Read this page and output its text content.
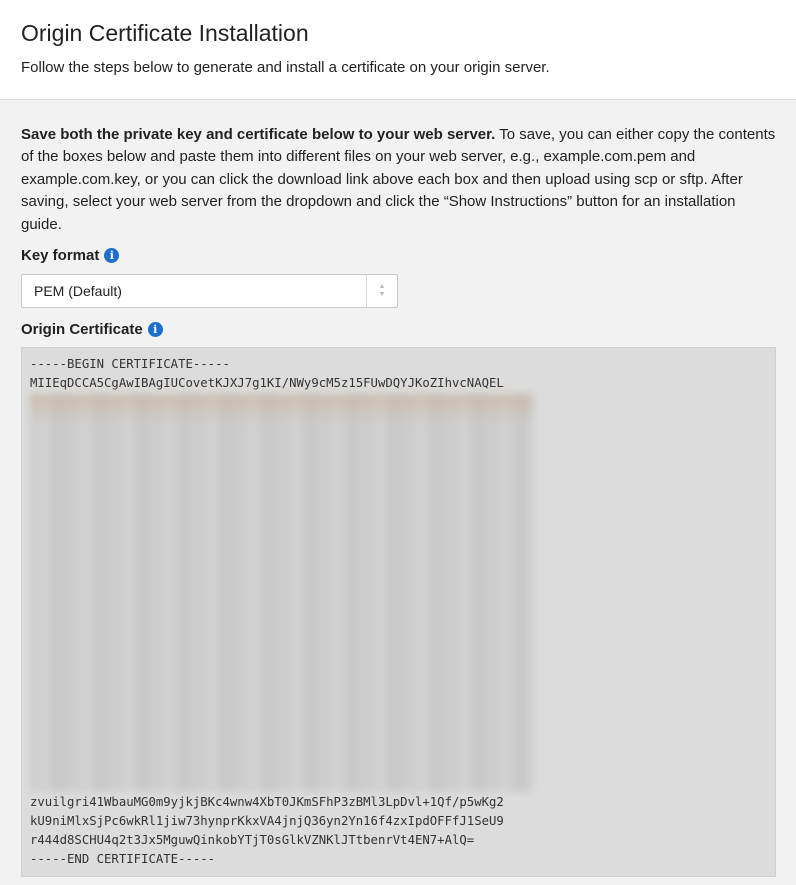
Origin Certificate Installation

Follow the steps below to generate and install a certificate on your origin server.

Save both the private key and certificate below to your web server. To save, you can either copy the contents of the boxes below and paste them into different files on your web server, e.g., example.com.pem and example.com.key, or you can click the download link above each box and then upload using scp or sftp. After saving, select your web server from the dropdown and click the “Show Instructions” button for an installation guide.

Key format i
PEM (Default)	▲
▼
Origin Certificate i
-----BEGIN CERTIFICATE-----
MIIEqDCCA5CgAwIBAgIUCovetKJXJ7g1KI/NWy9cM5z15FUwDQYJKoZIhvcNAQEL
zvuilgri41WbauMG0m9yjkjBKc4wnw4XbT0JKmSFhP3zBMl3LpDvl+1Qf/p5wKg2
kU9niMlxSjPc6wkRl1jiw73hynprKkxVA4jnjQ36yn2Yn16f4zxIpdOFFfJ1SeU9
r444d8SCHU4q2t3Jx5MguwQinkobYTjT0sGlkVZNKlJTtbenrVt4EN7+AlQ=
-----END CERTIFICATE-----
